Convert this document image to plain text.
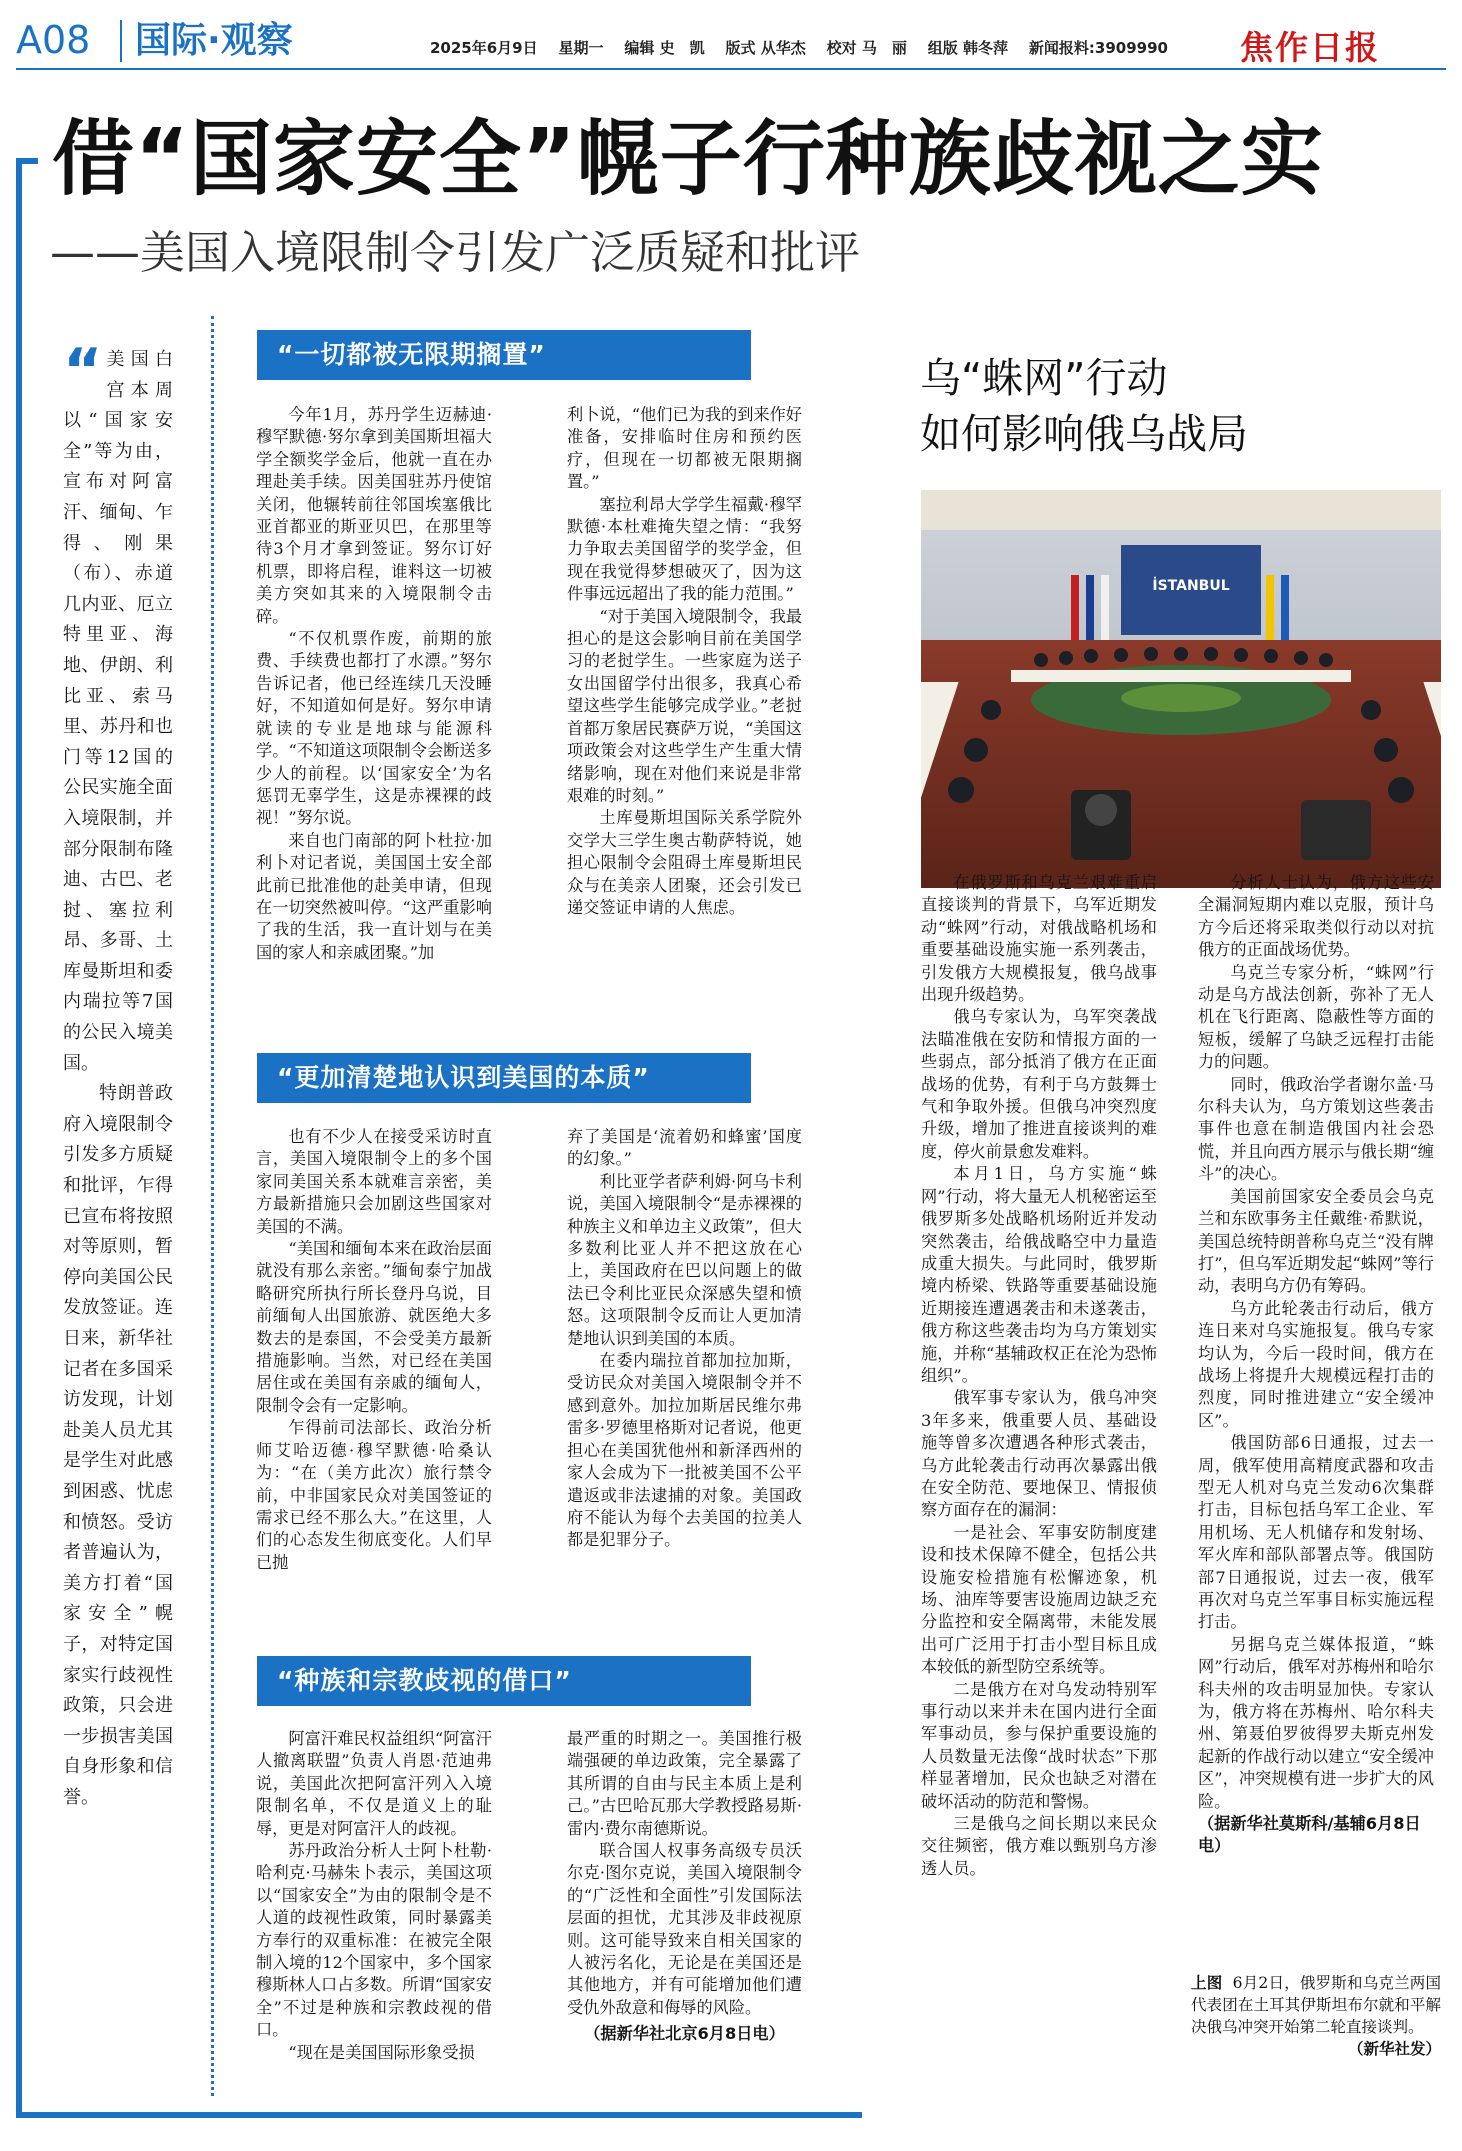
A08 国际·观察	2025年6月9日 星期一 编辑 史　凯 版式 从华杰 校对 马　丽 组版 韩冬萍 新闻报料:3909990 焦作日报
借“国家安全”幌子行种族歧视之实
——美国入境限制令引发广泛质疑和批评
“ 美国白宫本周以“国家安全”等为由，宣布对阿富汗、缅甸、乍得、刚果（布）、赤道几内亚、厄立特里亚、海地、伊朗、利比亚、索马里、苏丹和也门等12国的公民实施全面入境限制，并部分限制布隆迪、古巴、老挝、塞拉利昂、多哥、土库曼斯坦和委内瑞拉等7国的公民入境美国。

特朗普政府入境限制令引发多方质疑和批评，乍得已宣布将按照对等原则，暂停向美国公民发放签证。连日来，新华社记者在多国采访发现，计划赴美人员尤其是学生对此感到困惑、忧虑和愤怒。受访者普遍认为，美方打着“国家安全”幌子，对特定国家实行歧视性政策，只会进一步损害美国自身形象和信誉。

“一切都被无限期搁置”

今年1月，苏丹学生迈赫迪·穆罕默德·努尔拿到美国斯坦福大学全额奖学金后，他就一直在办理赴美手续。因美国驻苏丹使馆关闭，他辗转前往邻国埃塞俄比亚首都亚的斯亚贝巴，在那里等待3个月才拿到签证。努尔订好机票，即将启程，谁料这一切被美方突如其来的入境限制令击碎。

“不仅机票作废，前期的旅费、手续费也都打了水漂。”努尔告诉记者，他已经连续几天没睡好，不知道如何是好。努尔申请就读的专业是地球与能源科学。“不知道这项限制令会断送多少人的前程。以‘国家安全’为名惩罚无辜学生，这是赤裸裸的歧视！”努尔说。

来自也门南部的阿卜杜拉·加利卜对记者说，美国国土安全部此前已批准他的赴美申请，但现在一切突然被叫停。“这严重影响了我的生活，我一直计划与在美国的家人和亲戚团聚。”加

利卜说，“他们已为我的到来作好准备，安排临时住房和预约医疗，但现在一切都被无限期搁置。”

塞拉利昂大学学生福戴·穆罕默德·本杜难掩失望之情：“我努力争取去美国留学的奖学金，但现在我觉得梦想破灭了，因为这件事远远超出了我的能力范围。”

“对于美国入境限制令，我最担心的是这会影响目前在美国学习的老挝学生。一些家庭为送子女出国留学付出很多，我真心希望这些学生能够完成学业。”老挝首都万象居民赛萨万说，“美国这项政策会对这些学生产生重大情绪影响，现在对他们来说是非常艰难的时刻。”

土库曼斯坦国际关系学院外交学大三学生奥古勒萨特说，她担心限制令会阻碍土库曼斯坦民众与在美亲人团聚，还会引发已递交签证申请的人焦虑。

“更加清楚地认识到美国的本质”

也有不少人在接受采访时直言，美国入境限制令上的多个国家同美国关系本就难言亲密，美方最新措施只会加剧这些国家对美国的不满。

“美国和缅甸本来在政治层面就没有那么亲密。”缅甸泰宁加战略研究所执行所长登丹乌说，目前缅甸人出国旅游、就医绝大多数去的是泰国，不会受美方最新措施影响。当然，对已经在美国居住或在美国有亲戚的缅甸人，限制令会有一定影响。

乍得前司法部长、政治分析师艾哈迈德·穆罕默德·哈桑认为：“在（美方此次）旅行禁令前，中非国家民众对美国签证的需求已经不那么大。”在这里，人们的心态发生彻底变化。人们早已抛

弃了美国是‘流着奶和蜂蜜’国度的幻象。”

利比亚学者萨利姆·阿乌卡利说，美国入境限制令“是赤裸裸的种族主义和单边主义政策”，但大多数利比亚人并不把这放在心上，美国政府在巴以问题上的做法已令利比亚民众深感失望和愤怒。这项限制令反而让人更加清楚地认识到美国的本质。

在委内瑞拉首都加拉加斯，受访民众对美国入境限制令并不感到意外。加拉加斯居民维尔弗雷多·罗德里格斯对记者说，他更担心在美国犹他州和新泽西州的家人会成为下一批被美国不公平遣返或非法逮捕的对象。美国政府不能认为每个去美国的拉美人都是犯罪分子。

“种族和宗教歧视的借口”

阿富汗难民权益组织“阿富汗人撤离联盟”负责人肖恩·范迪弗说，美国此次把阿富汗列入入境限制名单，不仅是道义上的耻辱，更是对阿富汗人的歧视。

苏丹政治分析人士阿卜杜勒·哈利克·马赫朱卜表示，美国这项以“国家安全”为由的限制令是不人道的歧视性政策，同时暴露美方奉行的双重标准：在被完全限制入境的12个国家中，多个国家穆斯林人口占多数。所谓“国家安全”不过是种族和宗教歧视的借口。

“现在是美国国际形象受损

最严重的时期之一。美国推行极端强硬的单边政策，完全暴露了其所谓的自由与民主本质上是利己。”古巴哈瓦那大学教授路易斯·雷内·费尔南德斯说。

联合国人权事务高级专员沃尔克·图尔克说，美国入境限制令的“广泛性和全面性”引发国际法层面的担忧，尤其涉及非歧视原则。这可能导致来自相关国家的人被污名化，无论是在美国还是其他地方，并有可能增加他们遭受仇外敌意和侮辱的风险。

（据新华社北京6月8日电）
乌“蛛网”行动
如何影响俄乌战局
İSTANBUL

在俄罗斯和乌克兰艰难重启直接谈判的背景下，乌军近期发动“蛛网”行动，对俄战略机场和重要基础设施实施一系列袭击，引发俄方大规模报复，俄乌战事出现升级趋势。

俄乌专家认为，乌军突袭战法瞄准俄在安防和情报方面的一些弱点，部分抵消了俄方在正面战场的优势，有利于乌方鼓舞士气和争取外援。但俄乌冲突烈度升级，增加了推进直接谈判的难度，停火前景愈发难料。

本月1日，乌方实施“蛛网”行动，将大量无人机秘密运至俄罗斯多处战略机场附近并发动突然袭击，给俄战略空中力量造成重大损失。与此同时，俄罗斯境内桥梁、铁路等重要基础设施近期接连遭遇袭击和未遂袭击，俄方称这些袭击均为乌方策划实施，并称“基辅政权正在沦为恐怖组织”。

俄军事专家认为，俄乌冲突3年多来，俄重要人员、基础设施等曾多次遭遇各种形式袭击，乌方此轮袭击行动再次暴露出俄在安全防范、要地保卫、情报侦察方面存在的漏洞：

一是社会、军事安防制度建设和技术保障不健全，包括公共设施安检措施有松懈迹象，机场、油库等要害设施周边缺乏充分监控和安全隔离带，未能发展出可广泛用于打击小型目标且成本较低的新型防空系统等。

二是俄方在对乌发动特别军事行动以来并未在国内进行全面军事动员，参与保护重要设施的人员数量无法像“战时状态”下那样显著增加，民众也缺乏对潜在破坏活动的防范和警惕。

三是俄乌之间长期以来民众交往频密，俄方难以甄别乌方渗透人员。

分析人士认为，俄方这些安全漏洞短期内难以克服，预计乌方今后还将采取类似行动以对抗俄方的正面战场优势。

乌克兰专家分析，“蛛网”行动是乌方战法创新，弥补了无人机在飞行距离、隐蔽性等方面的短板，缓解了乌缺乏远程打击能力的问题。

同时，俄政治学者谢尔盖·马尔科夫认为，乌方策划这些袭击事件也意在制造俄国内社会恐慌，并且向西方展示与俄长期“缠斗”的决心。

美国前国家安全委员会乌克兰和东欧事务主任戴维·希默说，美国总统特朗普称乌克兰“没有牌打”，但乌军近期发起“蛛网”等行动，表明乌方仍有筹码。

乌方此轮袭击行动后，俄方连日来对乌实施报复。俄乌专家均认为，今后一段时间，俄方在战场上将提升大规模远程打击的烈度，同时推进建立“安全缓冲区”。

俄国防部6日通报，过去一周，俄军使用高精度武器和攻击型无人机对乌克兰发动6次集群打击，目标包括乌军工企业、军用机场、无人机储存和发射场、军火库和部队部署点等。俄国防部7日通报说，过去一夜，俄军再次对乌克兰军事目标实施远程打击。

另据乌克兰媒体报道，“蛛网”行动后，俄军对苏梅州和哈尔科夫州的攻击明显加快。专家认为，俄方将在苏梅州、哈尔科夫州、第聂伯罗彼得罗夫斯克州发起新的作战行动以建立“安全缓冲区”，冲突规模有进一步扩大的风险。

（据新华社莫斯科/基辅6月8日电）
上图 6月2日，俄罗斯和乌克兰两国代表团在土耳其伊斯坦布尔就和平解决俄乌冲突开始第二轮直接谈判。
（新华社发）
